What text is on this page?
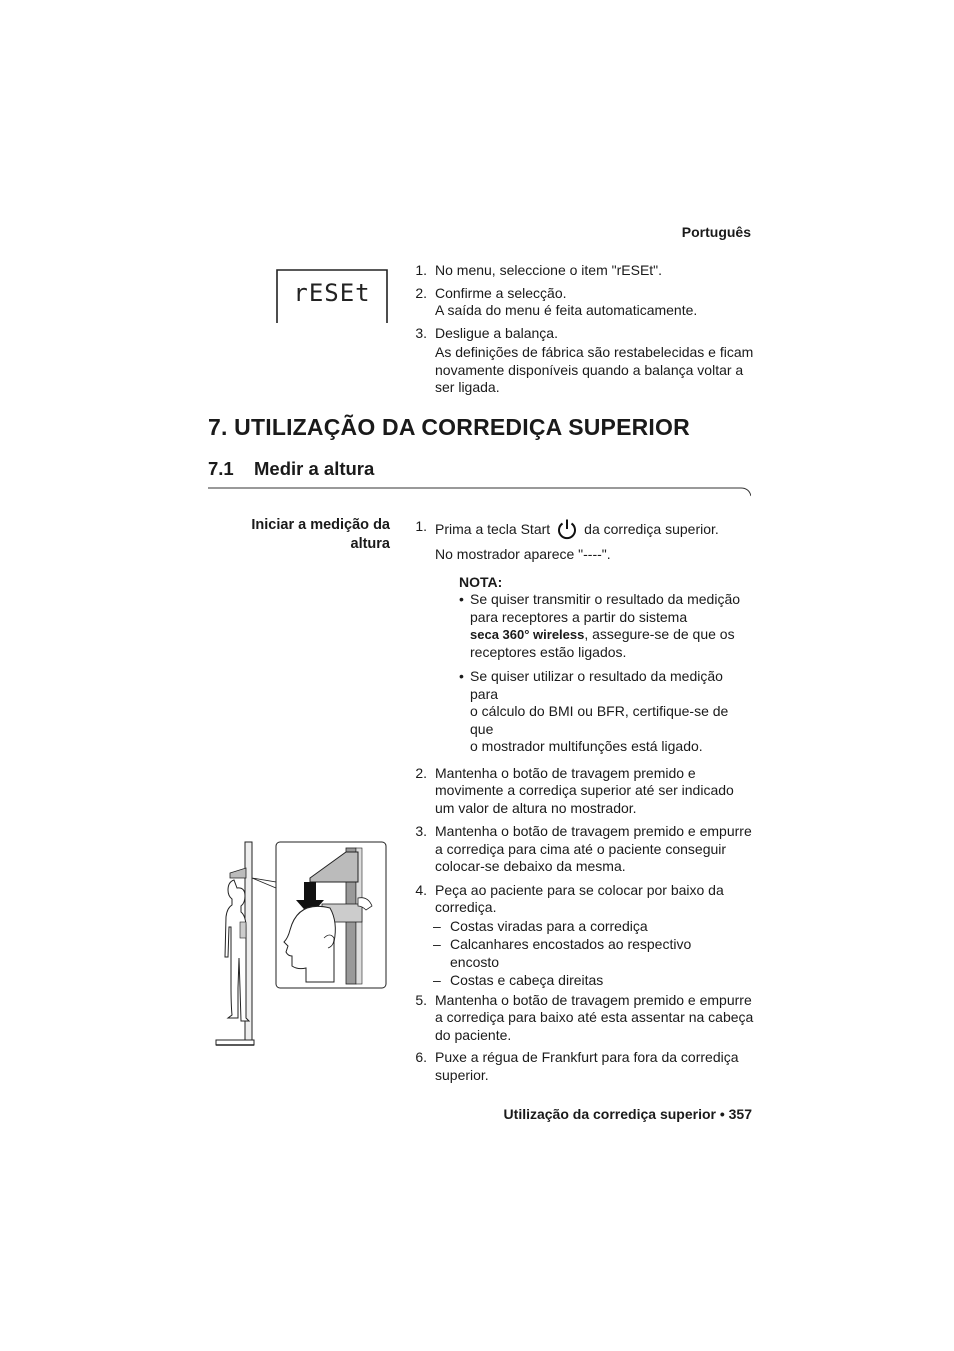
Português
rESEt
1. No menu, seleccione o item "rESEt".
2. Confirme a selecção.
A saída do menu é feita automaticamente.
3. Desligue a balança.
As definições de fábrica são restabelecidas e ficam
novamente disponíveis quando a balança voltar a
ser ligada.
7. UTILIZAÇÃO DA CORREDIÇA SUPERIOR
7.1 Medir a altura
Iniciar a medição da
altura
1. Prima a tecla Start da corrediça superior.
No mostrador aparece "----".
NOTA:
• Se quiser transmitir o resultado da medição
para receptores a partir do sistema
seca 360° wireless, assegure-se de que os
receptores estão ligados.
• Se quiser utilizar o resultado da medição para
o cálculo do BMI ou BFR, certifique-se de que
o mostrador multifunções está ligado.
2. Mantenha o botão de travagem premido e
movimente a corrediça superior até ser indicado
um valor de altura no mostrador.
3. Mantenha o botão de travagem premido e empurre
a corrediça para cima até o paciente conseguir
colocar-se debaixo da mesma.
4. Peça ao paciente para se colocar por baixo da
corrediça.
– Costas viradas para a corrediça
– Calcanhares encostados ao respectivo
encosto
– Costas e cabeça direitas
5. Mantenha o botão de travagem premido e empurre
a corrediça para baixo até esta assentar na cabeça
do paciente.
6. Puxe a régua de Frankfurt para fora da corrediça
superior.
Utilização da corrediça superior • 357
